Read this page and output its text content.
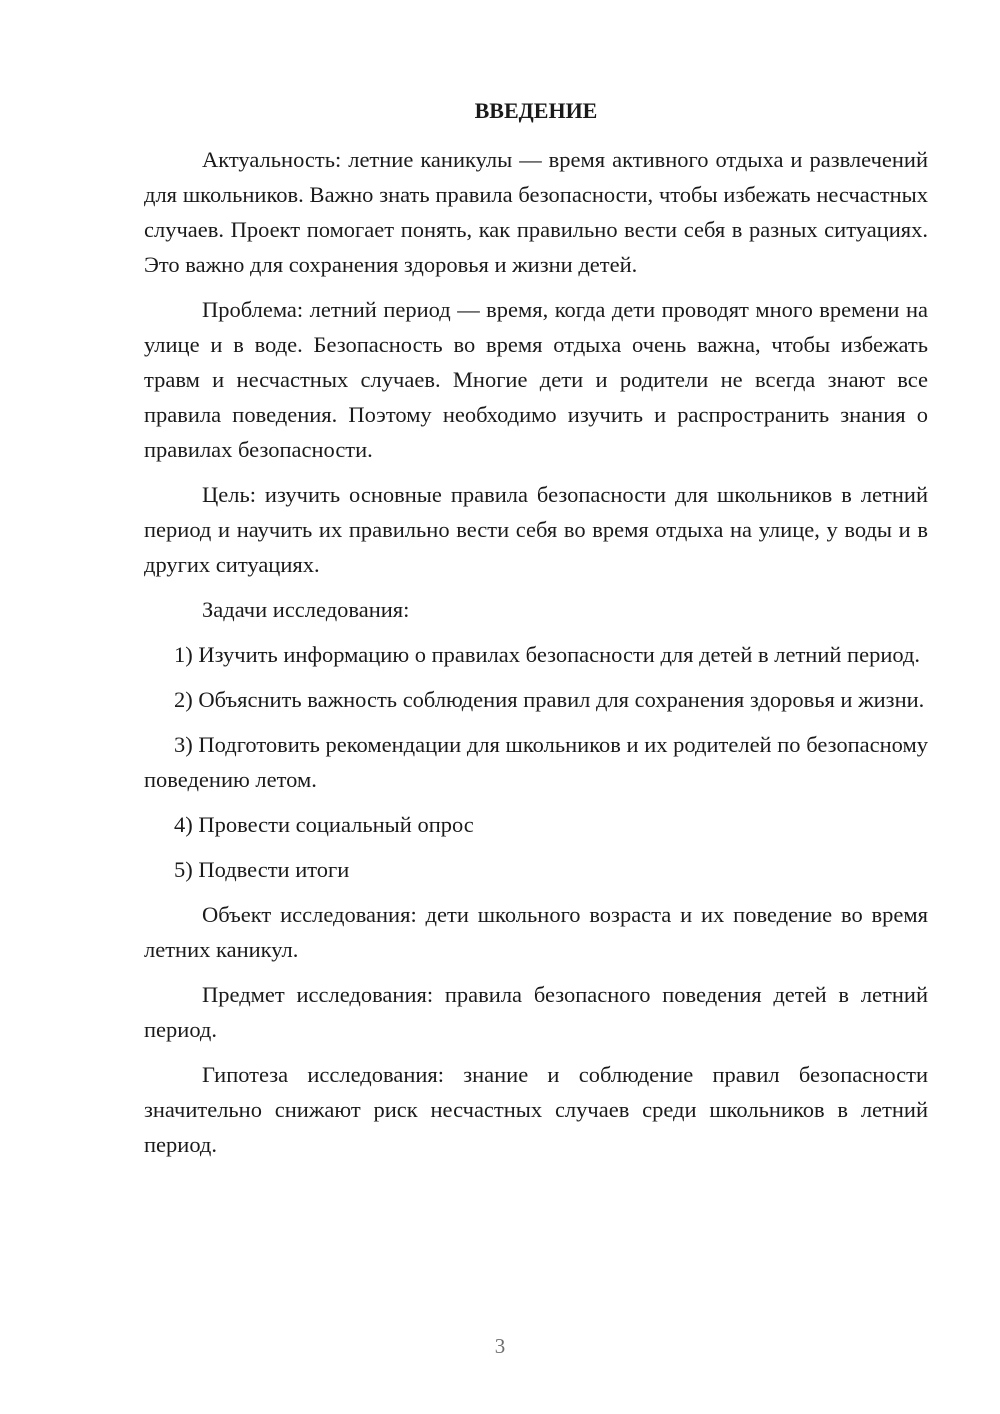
ВВЕДЕНИЕ

Актуальность: летние каникулы — время активного отдыха и развлечений для школьников. Важно знать правила безопасности, чтобы избежать несчастных случаев. Проект помогает понять, как правильно вести себя в разных ситуациях. Это важно для сохранения здоровья и жизни детей.

Проблема: летний период — время, когда дети проводят много времени на улице и в воде. Безопасность во время отдыха очень важна, чтобы избежать травм и несчастных случаев. Многие дети и родители не всегда знают все правила поведения. Поэтому необходимо изучить и распространить знания о правилах безопасности.

Цель: изучить основные правила безопасности для школьников в летний период и научить их правильно вести себя во время отдыха на улице, у воды и в других ситуациях.

Задачи исследования:

1) Изучить информацию о правилах безопасности для детей в летний период.

2) Объяснить важность соблюдения правил для сохранения здоровья и жизни.

3) Подготовить рекомендации для школьников и их родителей по безопасному поведению летом.

4) Провести социальный опрос

5) Подвести итоги

Объект исследования: дети школьного возраста и их поведение во время летних каникул.

Предмет исследования: правила безопасного поведения детей в летний период.

Гипотеза исследования: знание и соблюдение правил безопасности значительно снижают риск несчастных случаев среди школьников в летний период.

3
